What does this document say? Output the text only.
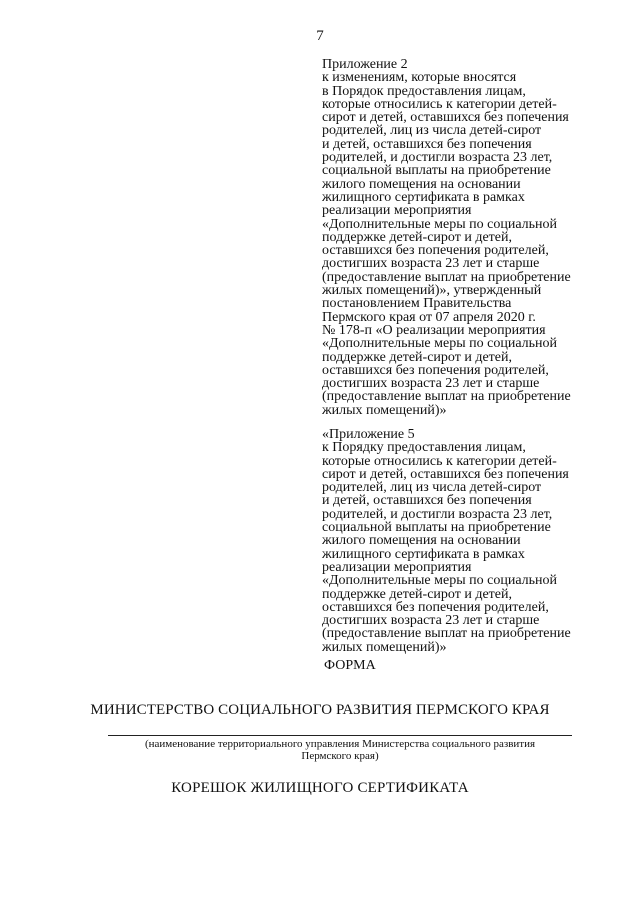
7
Приложение 2
к изменениям, которые вносятся
в Порядок предоставления лицам,
которые относились к категории детей-
сирот и детей, оставшихся без попечения
родителей, лиц из числа детей-сирот
и детей, оставшихся без попечения
родителей, и достигли возраста 23 лет,
социальной выплаты на приобретение
жилого помещения на основании
жилищного сертификата в рамках
реализации мероприятия
«Дополнительные меры по социальной
поддержке детей-сирот и детей,
оставшихся без попечения родителей,
достигших возраста 23 лет и старше
(предоставление выплат на приобретение
жилых помещений)», утвержденный
постановлением Правительства
Пермского края от 07 апреля 2020 г.
№ 178-п «О реализации мероприятия
«Дополнительные меры по социальной
поддержке детей-сирот и детей,
оставшихся без попечения родителей,
достигших возраста 23 лет и старше
(предоставление выплат на приобретение
жилых помещений)»
«Приложение 5
к Порядку предоставления лицам,
которые относились к категории детей-
сирот и детей, оставшихся без попечения
родителей, лиц из числа детей-сирот
и детей, оставшихся без попечения
родителей, и достигли возраста 23 лет,
социальной выплаты на приобретение
жилого помещения на основании
жилищного сертификата в рамках
реализации мероприятия
«Дополнительные меры по социальной
поддержке детей-сирот и детей,
оставшихся без попечения родителей,
достигших возраста 23 лет и старше
(предоставление выплат на приобретение
жилых помещений)»
ФОРМА
МИНИСТЕРСТВО СОЦИАЛЬНОГО РАЗВИТИЯ ПЕРМСКОГО КРАЯ
(наименование территориального управления Министерства социального развития
Пермского края)
КОРЕШОК ЖИЛИЩНОГО СЕРТИФИКАТА
